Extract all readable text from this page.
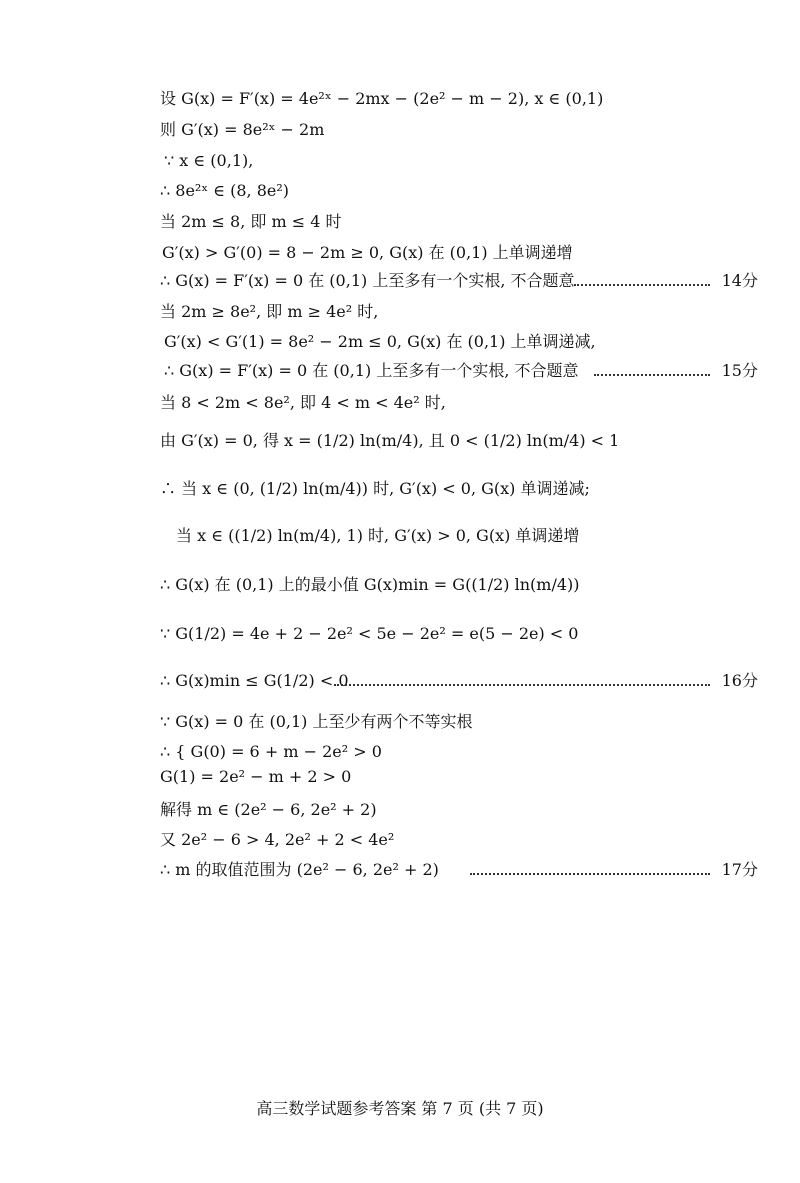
设 G(x) = F′(x) = 4e²ˣ − 2mx − (2e² − m − 2), x ∈ (0,1)
则 G′(x) = 8e²ˣ − 2m
∵ x ∈ (0,1),
∴ 8e²ˣ ∈ (8, 8e²)
当 2m ≤ 8, 即 m ≤ 4 时
G′(x) > G′(0) = 8 − 2m ≥ 0, G(x) 在 (0,1) 上单调递增
∴ G(x) = F′(x) = 0 在 (0,1) 上至多有一个实根, 不合题意	14分
当 2m ≥ 8e², 即 m ≥ 4e² 时,
G′(x) < G′(1) = 8e² − 2m ≤ 0, G(x) 在 (0,1) 上单调递减,
∴ G(x) = F′(x) = 0 在 (0,1) 上至多有一个实根, 不合题意	15分
当 8 < 2m < 8e², 即 4 < m < 4e² 时,
由 G′(x) = 0, 得 x = (1/2) ln(m/4), 且 0 < (1/2) ln(m/4) < 1
∴ 当 x ∈ (0, (1/2) ln(m/4)) 时, G′(x) < 0, G(x) 单调递减;
当 x ∈ ((1/2) ln(m/4), 1) 时, G′(x) > 0, G(x) 单调递增
∴ G(x) 在 (0,1) 上的最小值 G(x)min = G((1/2) ln(m/4))
∵ G(1/2) = 4e + 2 − 2e² < 5e − 2e² = e(5 − 2e) < 0
∴ G(x)min ≤ G(1/2) < 0	16分
∵ G(x) = 0 在 (0,1) 上至少有两个不等实根
∴ { G(0) = 6 + m − 2e² > 0
G(1) = 2e² − m + 2 > 0
解得 m ∈ (2e² − 6, 2e² + 2)
又 2e² − 6 > 4, 2e² + 2 < 4e²
∴ m 的取值范围为 (2e² − 6, 2e² + 2)	17分
高三数学试题参考答案 第 7 页 (共 7 页)
